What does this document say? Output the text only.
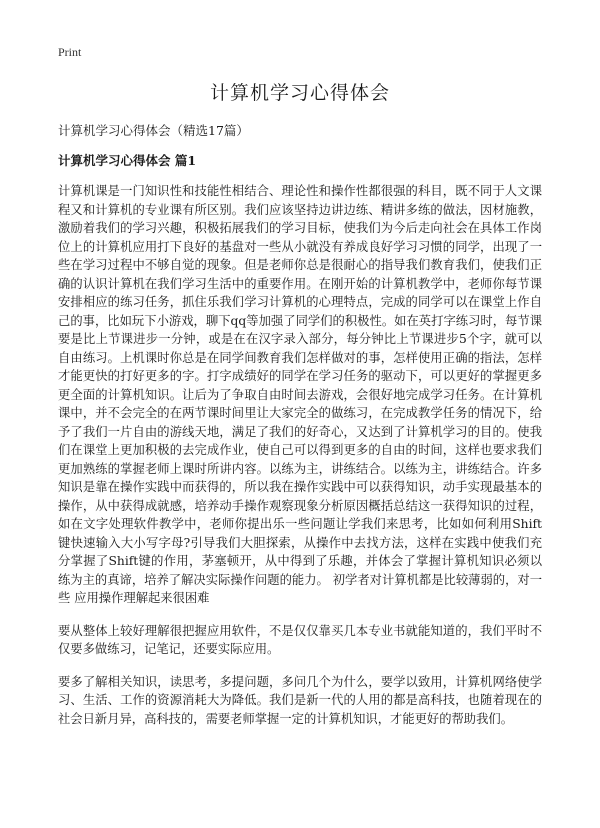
Print
计算机学习心得体会

计算机学习心得体会（精选17篇）

计算机学习心得体会 篇1

计算机课是一门知识性和技能性相结合、理论性和操作性都很强的科目，既不同于人文课程又和计算机的专业课有所区别。我们应该坚持边讲边练、精讲多练的做法，因材施教，激励着我们的学习兴趣，积极拓展我们的学习目标，使我们为今后走向社会在具体工作岗位上的计算机应用打下良好的基盘对一些从小就没有养成良好学习习惯的同学，出现了一些在学习过程中不够自觉的现象。但是老师你总是很耐心的指导我们教育我们，使我们正确的认识计算机在我们学习生活中的重要作用。在刚开始的计算机教学中，老师你每节课安排相应的练习任务，抓住乐我们学习计算机的心理特点，完成的同学可以在课堂上作自己的事，比如玩下小游戏，聊下qq等加强了同学们的积极性。如在英打字练习时，每节课要是比上节课进步一分钟，或是在在汉字录入部分，每分钟比上节课进步5个字，就可以自由练习。上机课时你总是在同学间教育我们怎样做对的事，怎样使用正确的指法，怎样才能更快的打好更多的字。打字成绩好的同学在学习任务的驱动下，可以更好的掌握更多更全面的计算机知识。让后为了争取自由时间去游戏，会很好地完成学习任务。在计算机课中，并不会完全的在两节课时间里让大家完全的做练习，在完成教学任务的情况下，给予了我们一片自由的游线天地，满足了我们的好奇心，又达到了计算机学习的目的。使我们在课堂上更加积极的去完成作业，使自己可以得到更多的自由的时间，这样也要求我们更加熟练的掌握老师上课时所讲内容。以练为主，讲练结合。以练为主，讲练结合。许多知识是靠在操作实践中而获得的，所以我在操作实践中可以获得知识，动手实现最基本的操作，从中获得成就感，培养动手操作观察现象分析原因概括总结这一获得知识的过程，如在文字处理软件教学中，老师你提出乐一些问题让学我们来思考，比如如何利用Shift键快速输入大小写字母?引导我们大胆探索，从操作中去找方法，这样在实践中使我们充分掌握了Shift键的作用，茅塞顿开，从中得到了乐趣，并体会了掌握计算机知识必须以练为主的真谛，培养了解决实际操作问题的能力。 初学者对计算机都是比较薄弱的，对一些 应用操作理解起来很困难

要从整体上较好理解很把握应用软件，不是仅仅靠买几本专业书就能知道的，我们平时不仅要多做练习，记笔记，还要实际应用。

要多了解相关知识，读思考，多提问题，多问几个为什么，要学以致用，计算机网络使学习、生活、工作的资源消耗大为降低。我们是新一代的人用的都是高科技，也随着现在的社会日新月异，高科技的，需要老师掌握一定的计算机知识，才能更好的帮助我们。
